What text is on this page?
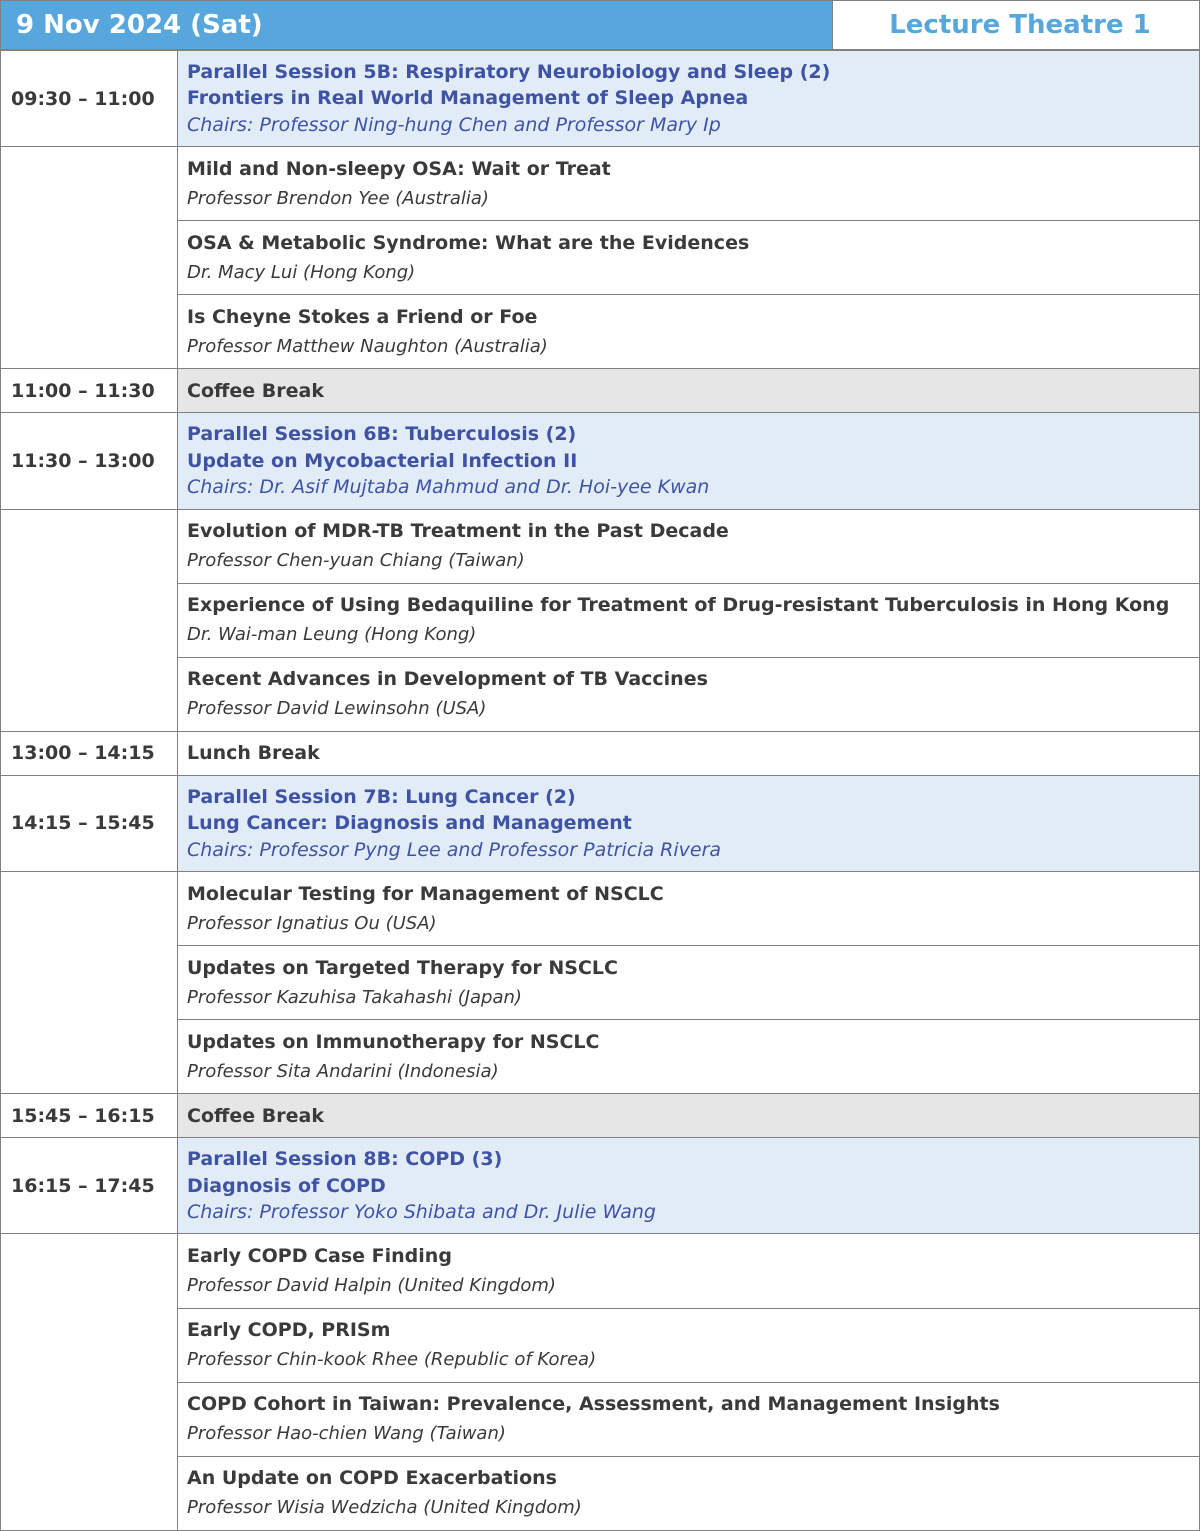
9 Nov 2024 (Sat)	Lecture Theatre 1
09:30 – 11:00	Parallel Session 5B: Respiratory Neurobiology and Sleep (2)
Frontiers in Real World Management of Sleep Apnea
Chairs: Professor Ning-hung Chen and Professor Mary Ip

	Mild and Non-sleepy OSA: Wait or Treat
Professor Brendon Yee (Australia)

	OSA & Metabolic Syndrome: What are the Evidences
Dr. Macy Lui (Hong Kong)

	Is Cheyne Stokes a Friend or Foe
Professor Matthew Naughton (Australia)

11:00 – 11:30	Coffee Break

11:30 – 13:00	Parallel Session 6B: Tuberculosis (2)
Update on Mycobacterial Infection II
Chairs: Dr. Asif Mujtaba Mahmud and Dr. Hoi-yee Kwan

	Evolution of MDR-TB Treatment in the Past Decade
Professor Chen-yuan Chiang (Taiwan)

	Experience of Using Bedaquiline for Treatment of Drug-resistant Tuberculosis in Hong Kong
Dr. Wai-man Leung (Hong Kong)

	Recent Advances in Development of TB Vaccines
Professor David Lewinsohn (USA)

13:00 – 14:15	Lunch Break

14:15 – 15:45	Parallel Session 7B: Lung Cancer (2)
Lung Cancer: Diagnosis and Management
Chairs: Professor Pyng Lee and Professor Patricia Rivera

	Molecular Testing for Management of NSCLC
Professor Ignatius Ou (USA)

	Updates on Targeted Therapy for NSCLC
Professor Kazuhisa Takahashi (Japan)

	Updates on Immunotherapy for NSCLC
Professor Sita Andarini (Indonesia)

15:45 – 16:15	Coffee Break

16:15 – 17:45	Parallel Session 8B: COPD (3)
Diagnosis of COPD
Chairs: Professor Yoko Shibata and Dr. Julie Wang

	Early COPD Case Finding
Professor David Halpin (United Kingdom)

	Early COPD, PRISm
Professor Chin-kook Rhee (Republic of Korea)

	COPD Cohort in Taiwan: Prevalence, Assessment, and Management Insights
Professor Hao-chien Wang (Taiwan)

	An Update on COPD Exacerbations
Professor Wisia Wedzicha (United Kingdom)
